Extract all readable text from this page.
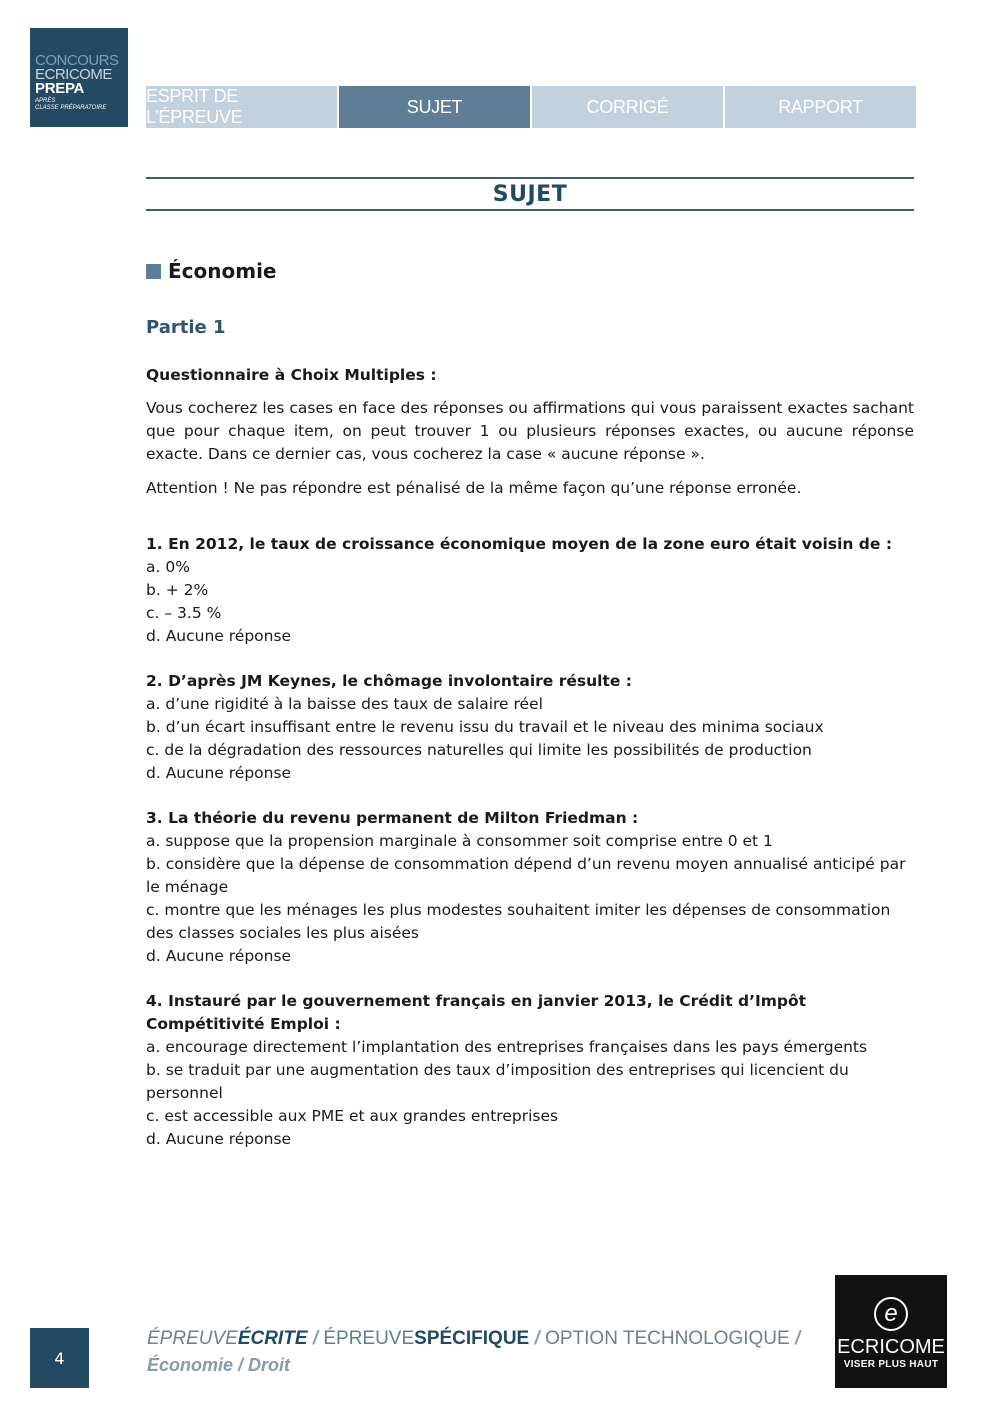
CONCOURS
ECRICOME
PREPA
APRÈS
CLASSE PRÉPARATOIRE
ESPRIT DE L’ÉPREUVE
SUJET	CORRIGÉ	RAPPORT
SUJET
Économie
Partie 1
Questionnaire à Choix Multiples :
Vous cocherez les cases en face des réponses ou affirmations qui vous paraissent exactes sachant que pour chaque item, on peut trouver 1 ou plusieurs réponses exactes, ou aucune réponse exacte. Dans ce dernier cas, vous cocherez la case « aucune réponse ».
Attention ! Ne pas répondre est pénalisé de la même façon qu’une réponse erronée.
1. En 2012, le taux de croissance économique moyen de la zone euro était voisin de :
a. 0%
b. + 2%
c. – 3.5 %
d. Aucune réponse
2. D’après JM Keynes, le chômage involontaire résulte :
a. d’une rigidité à la baisse des taux de salaire réel
b. d’un écart insuffisant entre le revenu issu du travail et le niveau des minima sociaux
c. de la dégradation des ressources naturelles qui limite les possibilités de production
d. Aucune réponse
3. La théorie du revenu permanent de Milton Friedman :
a. suppose que la propension marginale à consommer soit comprise entre 0 et 1
b. considère que la dépense de consommation dépend d’un revenu moyen annualisé anticipé par le ménage
c. montre que les ménages les plus modestes souhaitent imiter les dépenses de consommation des classes sociales les plus aisées
d. Aucune réponse
4. Instauré par le gouvernement français en janvier 2013, le Crédit d’Impôt Compétitivité Emploi :
a. encourage directement l’implantation des entreprises françaises dans les pays émergents
b. se traduit par une augmentation des taux d’imposition des entreprises qui licencient du personnel
c. est accessible aux PME et aux grandes entreprises
d. Aucune réponse
4
ÉPREUVEÉCRITE / ÉPREUVESPÉCIFIQUE / OPTION TECHNOLOGIQUE /
Économie / Droit
e
ECRICOME
VISER PLUS HAUT
